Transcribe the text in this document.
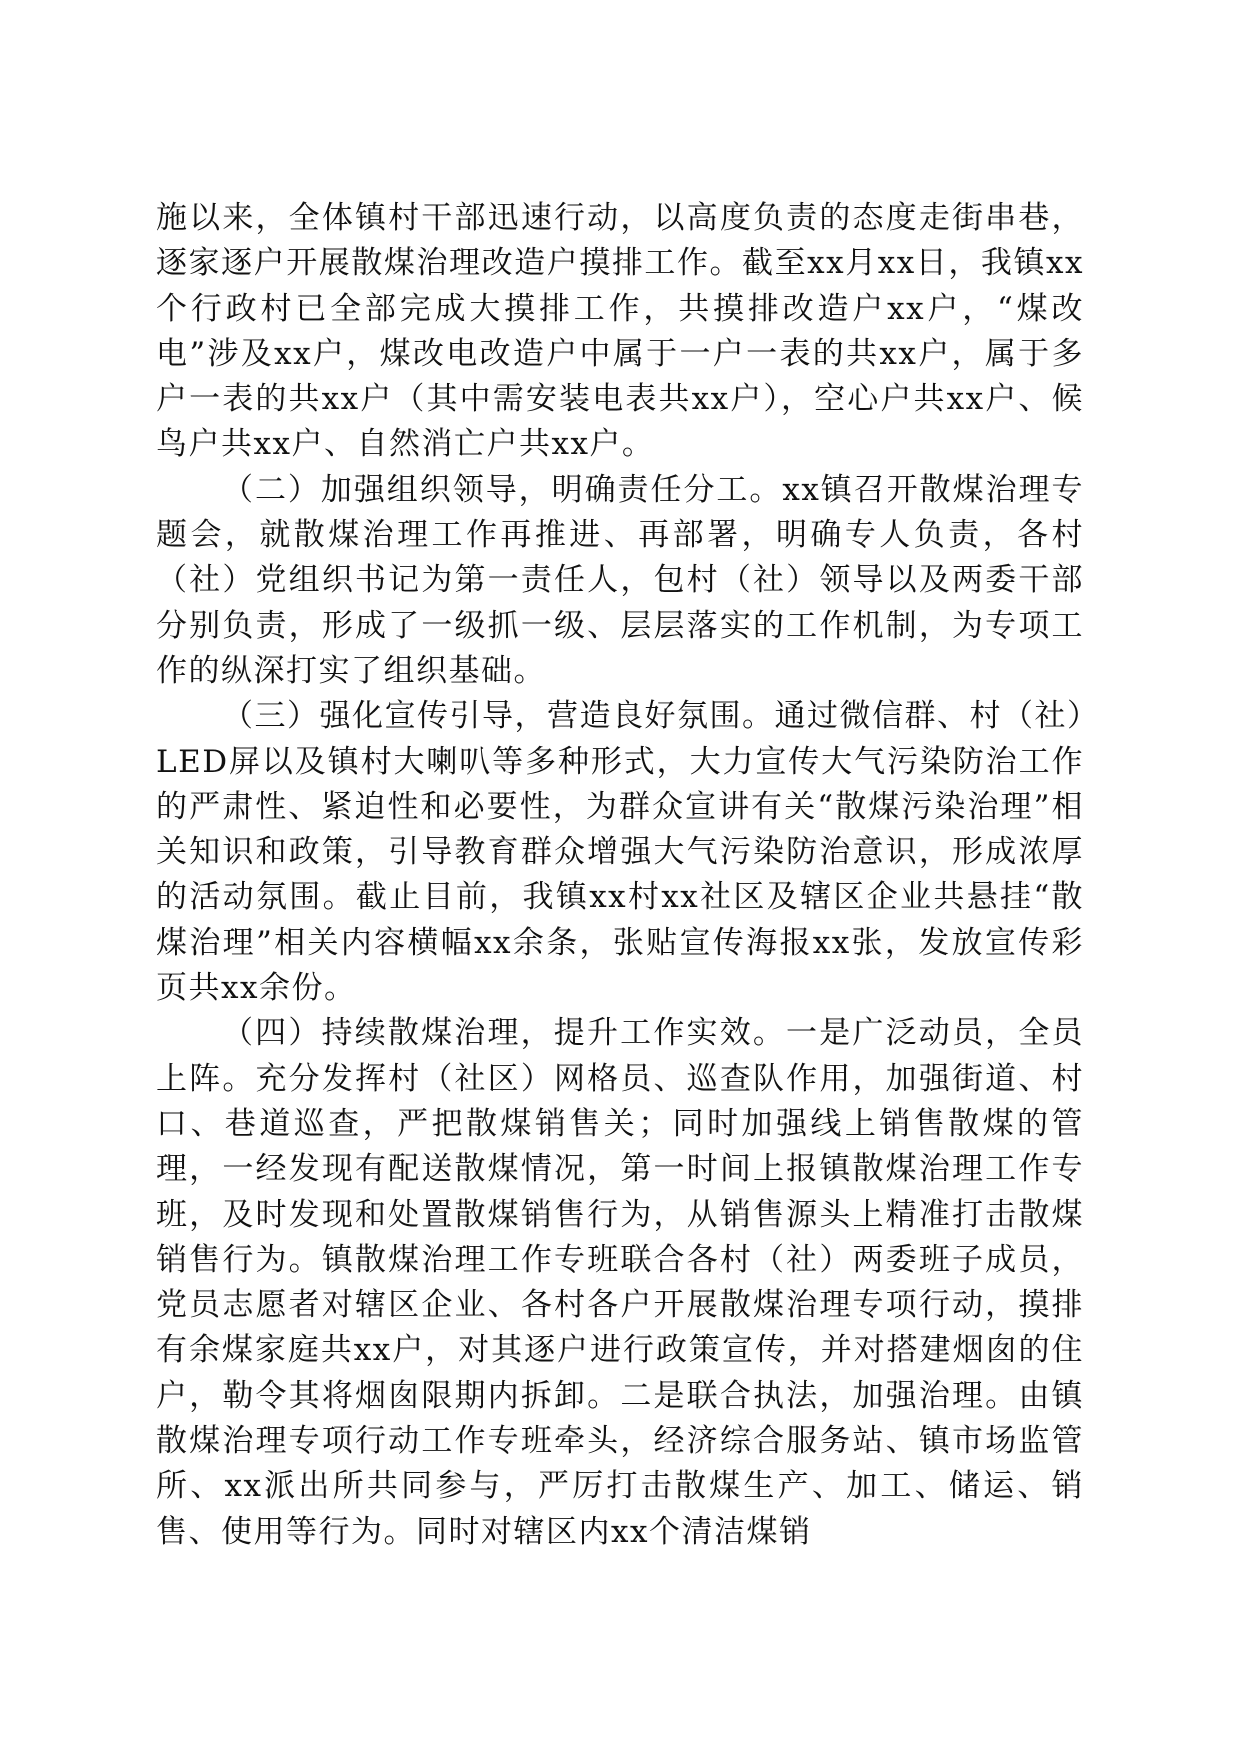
施以来，全体镇村干部迅速行动，以高度负责的态度走街串巷，逐家逐户开展散煤治理改造户摸排工作。截至xx月xx日，我镇xx个行政村已全部完成大摸排工作，共摸排改造户xx户，“煤改电”涉及xx户，煤改电改造户中属于一户一表的共xx户，属于多户一表的共xx户（其中需安装电表共xx户），空心户共xx户、候鸟户共xx户、自然消亡户共xx户。

（二）加强组织领导，明确责任分工。xx镇召开散煤治理专题会，就散煤治理工作再推进、再部署，明确专人负责，各村（社）党组织书记为第一责任人，包村（社）领导以及两委干部分别负责，形成了一级抓一级、层层落实的工作机制，为专项工作的纵深打实了组织基础。

（三）强化宣传引导，营造良好氛围。通过微信群、村（社）LED屏以及镇村大喇叭等多种形式，大力宣传大气污染防治工作的严肃性、紧迫性和必要性，为群众宣讲有关“散煤污染治理”相关知识和政策，引导教育群众增强大气污染防治意识，形成浓厚的活动氛围。截止目前，我镇xx村xx社区及辖区企业共悬挂“散煤治理”相关内容横幅xx余条，张贴宣传海报xx张，发放宣传彩页共xx余份。

（四）持续散煤治理，提升工作实效。一是广泛动员，全员上阵。充分发挥村（社区）网格员、巡查队作用，加强街道、村口、巷道巡查，严把散煤销售关；同时加强线上销售散煤的管理，一经发现有配送散煤情况，第一时间上报镇散煤治理工作专班，及时发现和处置散煤销售行为，从销售源头上精准打击散煤销售行为。镇散煤治理工作专班联合各村（社）两委班子成员，党员志愿者对辖区企业、各村各户开展散煤治理专项行动，摸排有余煤家庭共xx户，对其逐户进行政策宣传，并对搭建烟囱的住户，勒令其将烟囱限期内拆卸。二是联合执法，加强治理。由镇散煤治理专项行动工作专班牵头，经济综合服务站、镇市场监管所、xx派出所共同参与，严厉打击散煤生产、加工、储运、销售、使用等行为。同时对辖区内xx个清洁煤销
